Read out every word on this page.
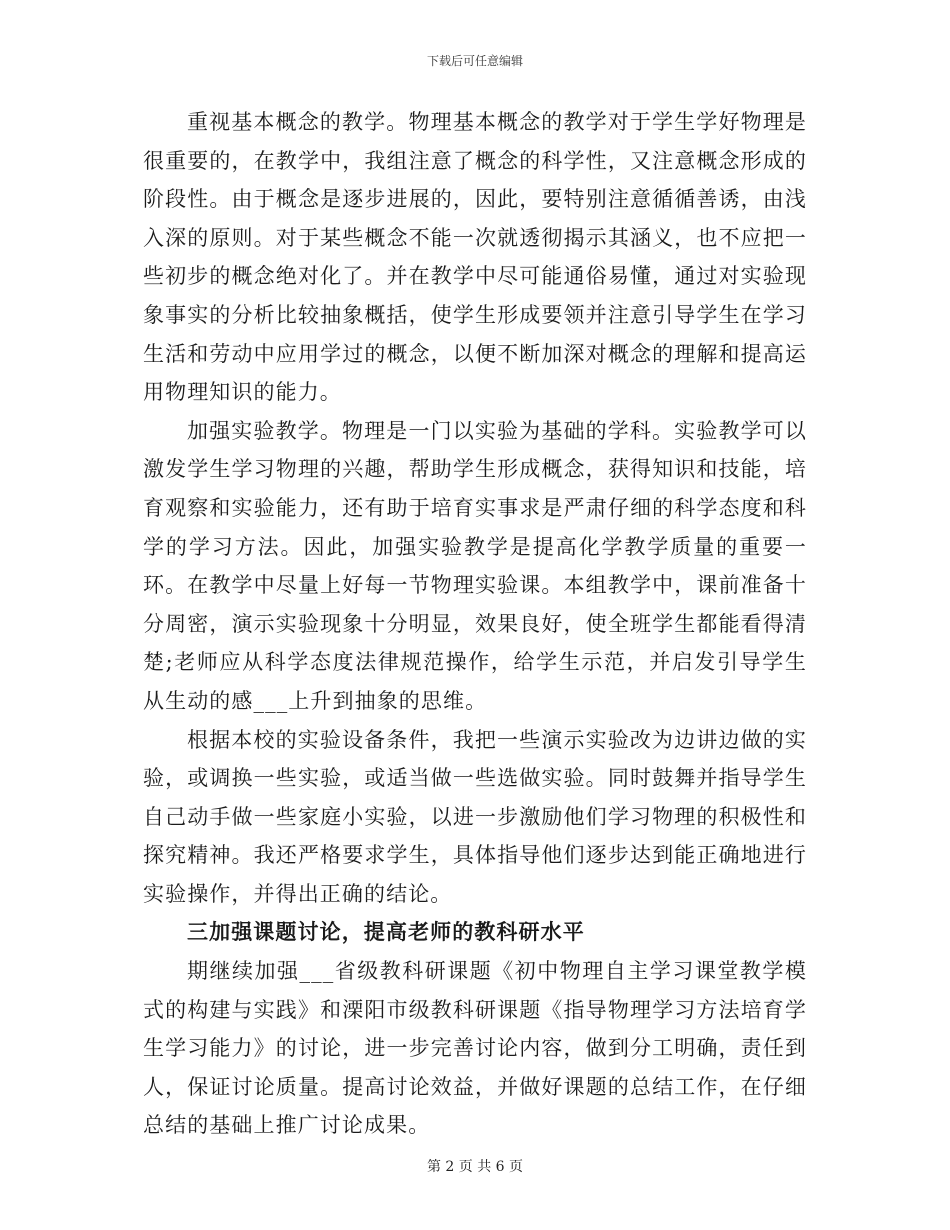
下载后可任意编辑

重视基本概念的教学。物理基本概念的教学对于学生学好物理是很重要的，在教学中，我组注意了概念的科学性，又注意概念形成的阶段性。由于概念是逐步进展的，因此，要特别注意循循善诱，由浅入深的原则。对于某些概念不能一次就透彻揭示其涵义，也不应把一些初步的概念绝对化了。并在教学中尽可能通俗易懂，通过对实验现象事实的分析比较抽象概括，使学生形成要领并注意引导学生在学习生活和劳动中应用学过的概念，以便不断加深对概念的理解和提高运用物理知识的能力。

加强实验教学。物理是一门以实验为基础的学科。实验教学可以激发学生学习物理的兴趣，帮助学生形成概念，获得知识和技能，培育观察和实验能力，还有助于培育实事求是严肃仔细的科学态度和科学的学习方法。因此，加强实验教学是提高化学教学质量的重要一环。在教学中尽量上好每一节物理实验课。本组教学中，课前准备十分周密，演示实验现象十分明显，效果良好，使全班学生都能看得清楚;老师应从科学态度法律规范操作，给学生示范，并启发引导学生从生动的感___上升到抽象的思维。

根据本校的实验设备条件，我把一些演示实验改为边讲边做的实验，或调换一些实验，或适当做一些选做实验。同时鼓舞并指导学生自己动手做一些家庭小实验，以进一步激励他们学习物理的积极性和探究精神。我还严格要求学生，具体指导他们逐步达到能正确地进行实验操作，并得出正确的结论。

三加强课题讨论，提高老师的教科研水平

期继续加强___省级教科研课题《初中物理自主学习课堂教学模式的构建与实践》和溧阳市级教科研课题《指导物理学习方法培育学生学习能力》的讨论，进一步完善讨论内容，做到分工明确，责任到人，保证讨论质量。提高讨论效益，并做好课题的总结工作，在仔细总结的基础上推广讨论成果。

第 2 页 共 6 页
